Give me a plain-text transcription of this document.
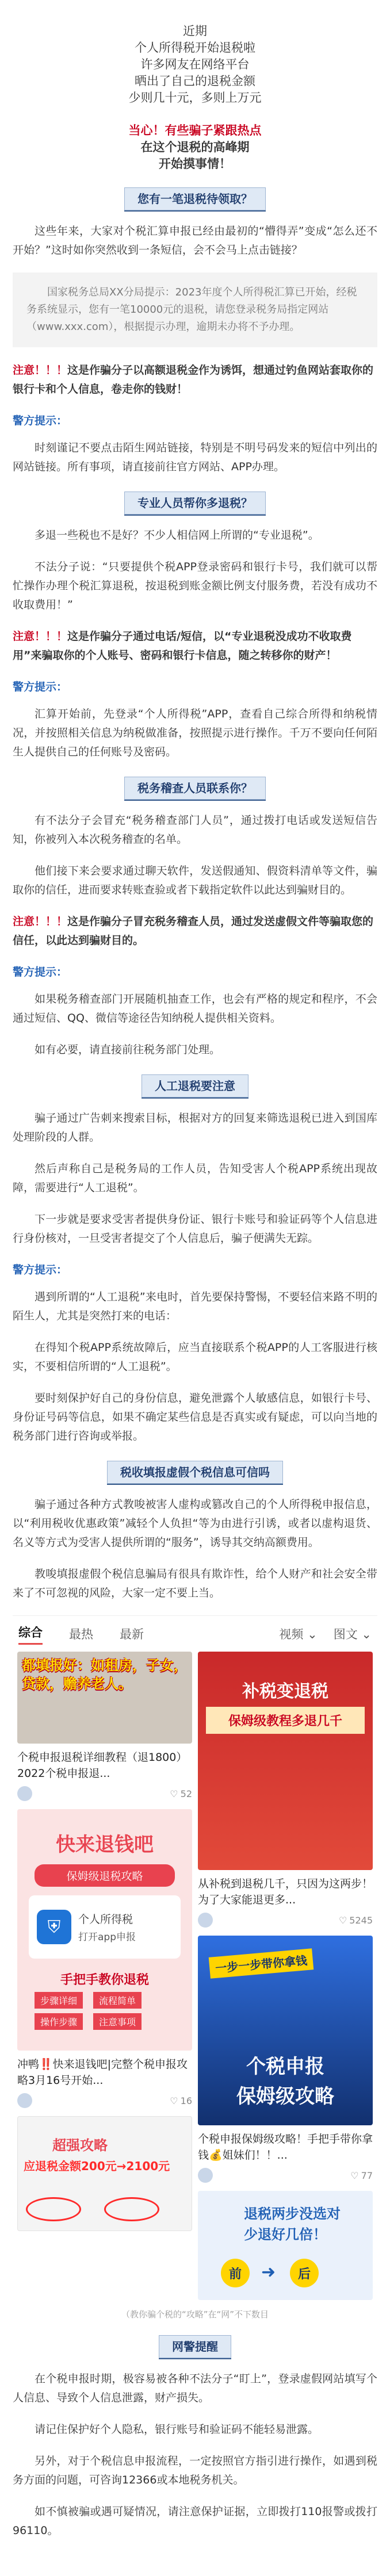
近期

个人所得税开始退税啦

许多网友在网络平台

晒出了自己的退税金额

少则几十元，多则上万元

当心！有些骗子紧跟热点

在这个退税的高峰期

开始摸事情！

您有一笔退税待领取？

这些年来，大家对个税汇算申报已经由最初的“懵得弄”变成“怎么还不开始？”这时如你突然收到一条短信，会不会马上点击链接？

国家税务总局XX分局提示：2023年度个人所得税汇算已开始，经税务系统显示，您有一笔10000元的退税，请您登录税务局指定网站（www.xxx.com），根据提示办理，逾期未办将不予办理。

注意！！！这是作骗分子以高额退税金作为诱饵，想通过钓鱼网站套取你的银行卡和个人信息，卷走你的钱财！

警方提示：

时刻谨记不要点击陌生网站链接，特别是不明号码发来的短信中列出的网站链接。所有事项，请直接前往官方网站、APP办理。

专业人员帮你多退税？

多退一些税也不是好？不少人相信网上所谓的“专业退税”。

不法分子说：“只要提供个税APP登录密码和银行卡号，我们就可以帮忙操作办理个税汇算退税，按退税到账金额比例支付服务费，若没有成功不收取费用！”

注意！！！这是作骗分子通过电话/短信，以“专业退税没成功不收取费用”来骗取你的个人账号、密码和银行卡信息，随之转移你的财产！

警方提示：

汇算开始前，先登录“个人所得税”APP，查看自己综合所得和纳税情况，并按照相关信息为纳税做准备，按照提示进行操作。千万不要向任何陌生人提供自己的任何账号及密码。

税务稽查人员联系你？

有不法分子会冒充“税务稽查部门人员”，通过拨打电话或发送短信告知，你被列入本次税务稽查的名单。

他们接下来会要求通过聊天软件，发送假通知、假资料清单等文件，骗取你的信任，进而要求转账查验或者下载指定软件以此达到骗财目的。

注意！！！这是作骗分子冒充税务稽查人员，通过发送虚假文件等骗取您的信任，以此达到骗财目的。

警方提示：

如果税务稽查部门开展随机抽查工作，也会有严格的规定和程序，不会通过短信、QQ、微信等途径告知纳税人提供相关资料。

如有必要，请直接前往税务部门处理。

人工退税要注意

骗子通过广告刺来搜索目标，根据对方的回复来筛选退税已进入到国库处理阶段的人群。

然后声称自己是税务局的工作人员，告知受害人个税APP系统出现故障，需要进行“人工退税”。

下一步就是要求受害者提供身份证、银行卡账号和验证码等个人信息进行身份核对，一旦受害者提交了个人信息后，骗子便满失无踪。

警方提示：

遇到所谓的“人工退税”来电时，首先要保持警惕，不要轻信来路不明的陌生人，尤其是突然打来的电话：

在得知个税APP系统故障后，应当直接联系个税APP的人工客服进行核实，不要相信所谓的“人工退税”。

要时刻保护好自己的身份信息，避免泄露个人敏感信息，如银行卡号、身份证号码等信息，如果不确定某些信息是否真实或有疑虑，可以向当地的税务部门进行咨询或举报。

税收填报虚假个税信息可信吗

骗子通过各种方式教唆被害人虚构或篡改自己的个人所得税申报信息，以“利用税收优惠政策”减轻个人负担“等为由进行引诱，或者以虚构退货、名义等方式为受害人提供所谓的“服务”，诱导其交纳高额费用。

教唆填报虚假个税信息骗局有很具有欺诈性，给个人财产和社会安全带来了不可忽视的风险，大家一定不要上当。

综合 最热 最新	视频 ⌄ 图文 ⌄
都填报好：如租房，子女，贷款，赡养老人。
个税申报退税详细教程（退1800）2022个税申报退...
♡ 52
快来退钱吧
保姆级退税攻略
⛨	个人所得税
打开app申报
手把手教你退税
步骤详细	流程简单
操作步骤	注意事项
冲鸭‼️快来退钱吧|完整个税申报攻略3月16号开始...
♡ 16
超强攻略
应退税金额200元→2100元
补税变退税
保姆级教程多退几千
从补税到退税几千，只因为这两步！为了大家能退更多...
♡ 5245
一步一步带你拿钱
个税申报
保姆级攻略
个税申报保姆级攻略！手把手带你拿钱💰姐妹们！！...
♡ 77
退税两步没选对
少退好几倍！
前	➜	后
（教你骗个税的“攻略”在“网”不下数目
网警提醒

在个税申报时期，极容易被各种不法分子“盯上”，登录虚假网站填写个人信息、导致个人信息泄露，财产损失。

请记住保护好个人隐私，银行账号和验证码不能轻易泄露。

另外，对于个税信息申报流程，一定按照官方指引进行操作，如遇到税务方面的问题，可咨询12366或本地税务机关。

如不慎被骗或遇可疑情况，请注意保护证据，立即拨打110报警或拨打96110。
